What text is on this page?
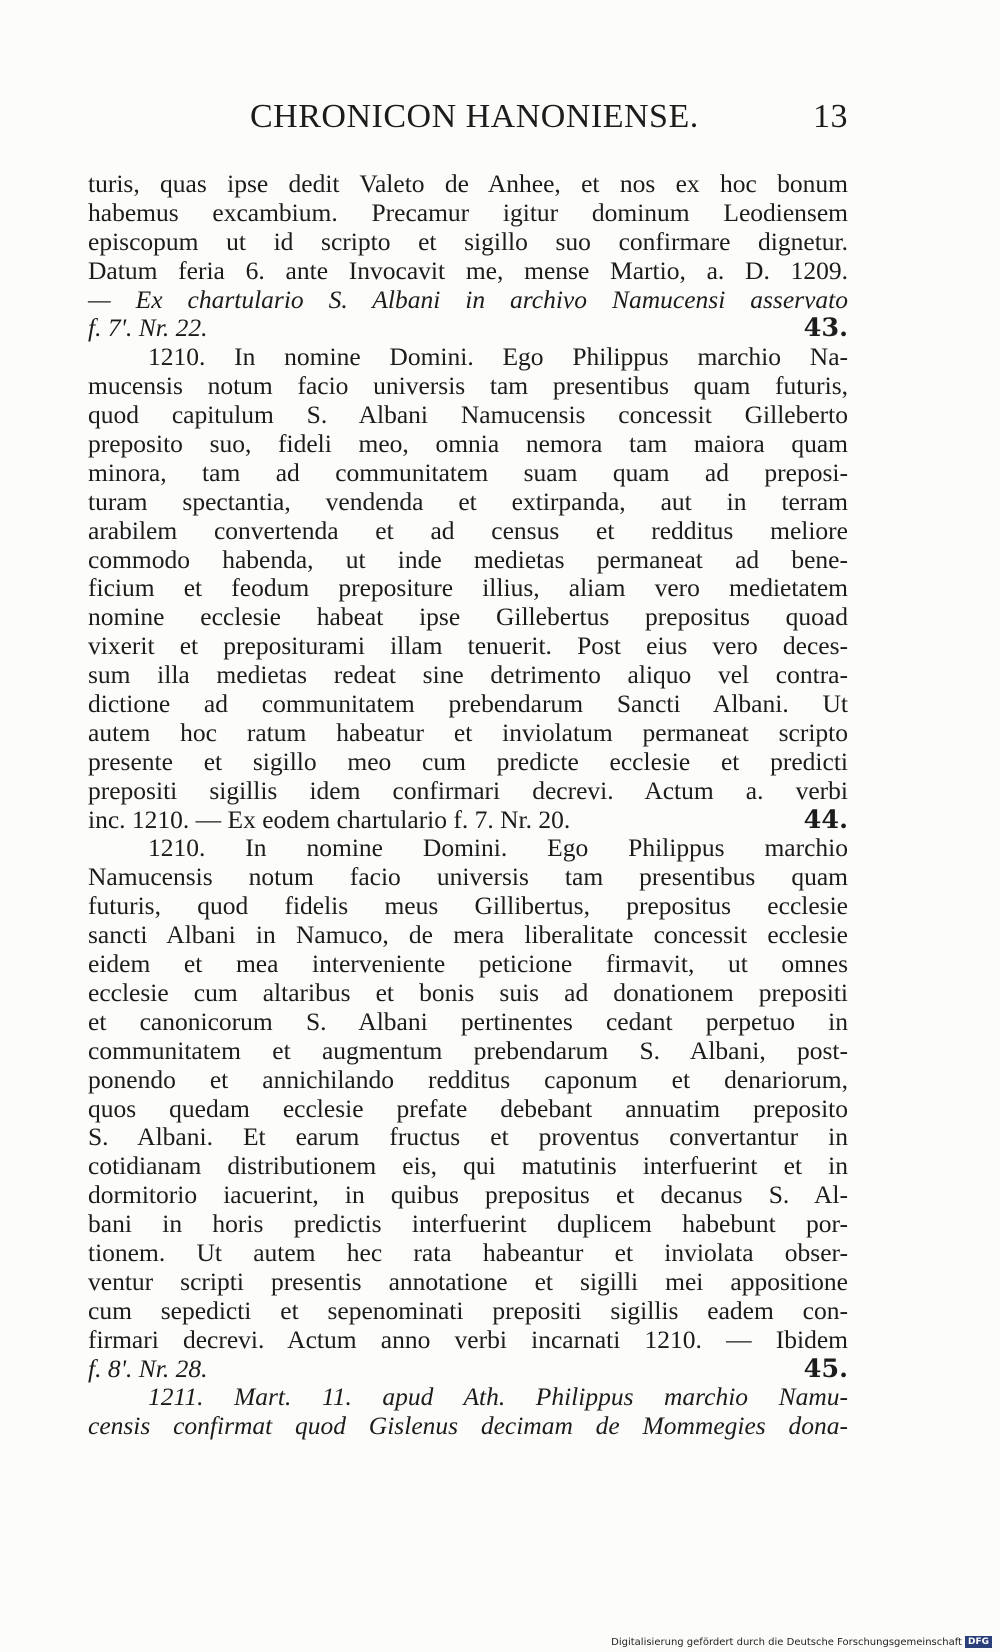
CHRONICON HANONIENSE.	13
turis, quas ipse dedit Valeto de Anhee, et nos ex hoc bonum
habemus excambium. Precamur igitur dominum Leodiensem
episcopum ut id scripto et sigillo suo confirmare dignetur.
Datum feria 6. ante Invocavit me, mense Martio, a. D. 1209.
— Ex chartulario S. Albani in archivo Namucensi asservato
f. 7'. Nr. 22.	43.
1210. In nomine Domini. Ego Philippus marchio Na-
mucensis notum facio universis tam presentibus quam futuris,
quod capitulum S. Albani Namucensis concessit Gilleberto
preposito suo, fideli meo, omnia nemora tam maiora quam
minora, tam ad communitatem suam quam ad preposi-
turam spectantia, vendenda et extirpanda, aut in terram
arabilem convertenda et ad census et redditus meliore
commodo habenda, ut inde medietas permaneat ad bene-
ficium et feodum prepositure illius, aliam vero medietatem
nomine ecclesie habeat ipse Gillebertus prepositus quoad
vixerit et prepositurami illam tenuerit. Post eius vero deces-
sum illa medietas redeat sine detrimento aliquo vel contra-
dictione ad communitatem prebendarum Sancti Albani. Ut
autem hoc ratum habeatur et inviolatum permaneat scripto
presente et sigillo meo cum predicte ecclesie et predicti
prepositi sigillis idem confirmari decrevi. Actum a. verbi
inc. 1210. — Ex eodem chartulario f. 7. Nr. 20.	44.
1210. In nomine Domini. Ego Philippus marchio
Namucensis notum facio universis tam presentibus quam
futuris, quod fidelis meus Gillibertus, prepositus ecclesie
sancti Albani in Namuco, de mera liberalitate concessit ecclesie
eidem et mea interveniente peticione firmavit, ut omnes
ecclesie cum altaribus et bonis suis ad donationem prepositi
et canonicorum S. Albani pertinentes cedant perpetuo in
communitatem et augmentum prebendarum S. Albani, post-
ponendo et annichilando redditus caponum et denariorum,
quos quedam ecclesie prefate debebant annuatim preposito
S. Albani. Et earum fructus et proventus convertantur in
cotidianam distributionem eis, qui matutinis interfuerint et in
dormitorio iacuerint, in quibus prepositus et decanus S. Al-
bani in horis predictis interfuerint duplicem habebunt por-
tionem. Ut autem hec rata habeantur et inviolata obser-
ventur scripti presentis annotatione et sigilli mei appositione
cum sepedicti et sepenominati prepositi sigillis eadem con-
firmari decrevi. Actum anno verbi incarnati 1210. — Ibidem
f. 8'. Nr. 28.	45.
1211. Mart. 11. apud Ath. Philippus marchio Namu-
censis confirmat quod Gislenus decimam de Mommegies dona-
Digitalisierung gefördert durch die Deutsche Forschungsgemeinschaft DFG
